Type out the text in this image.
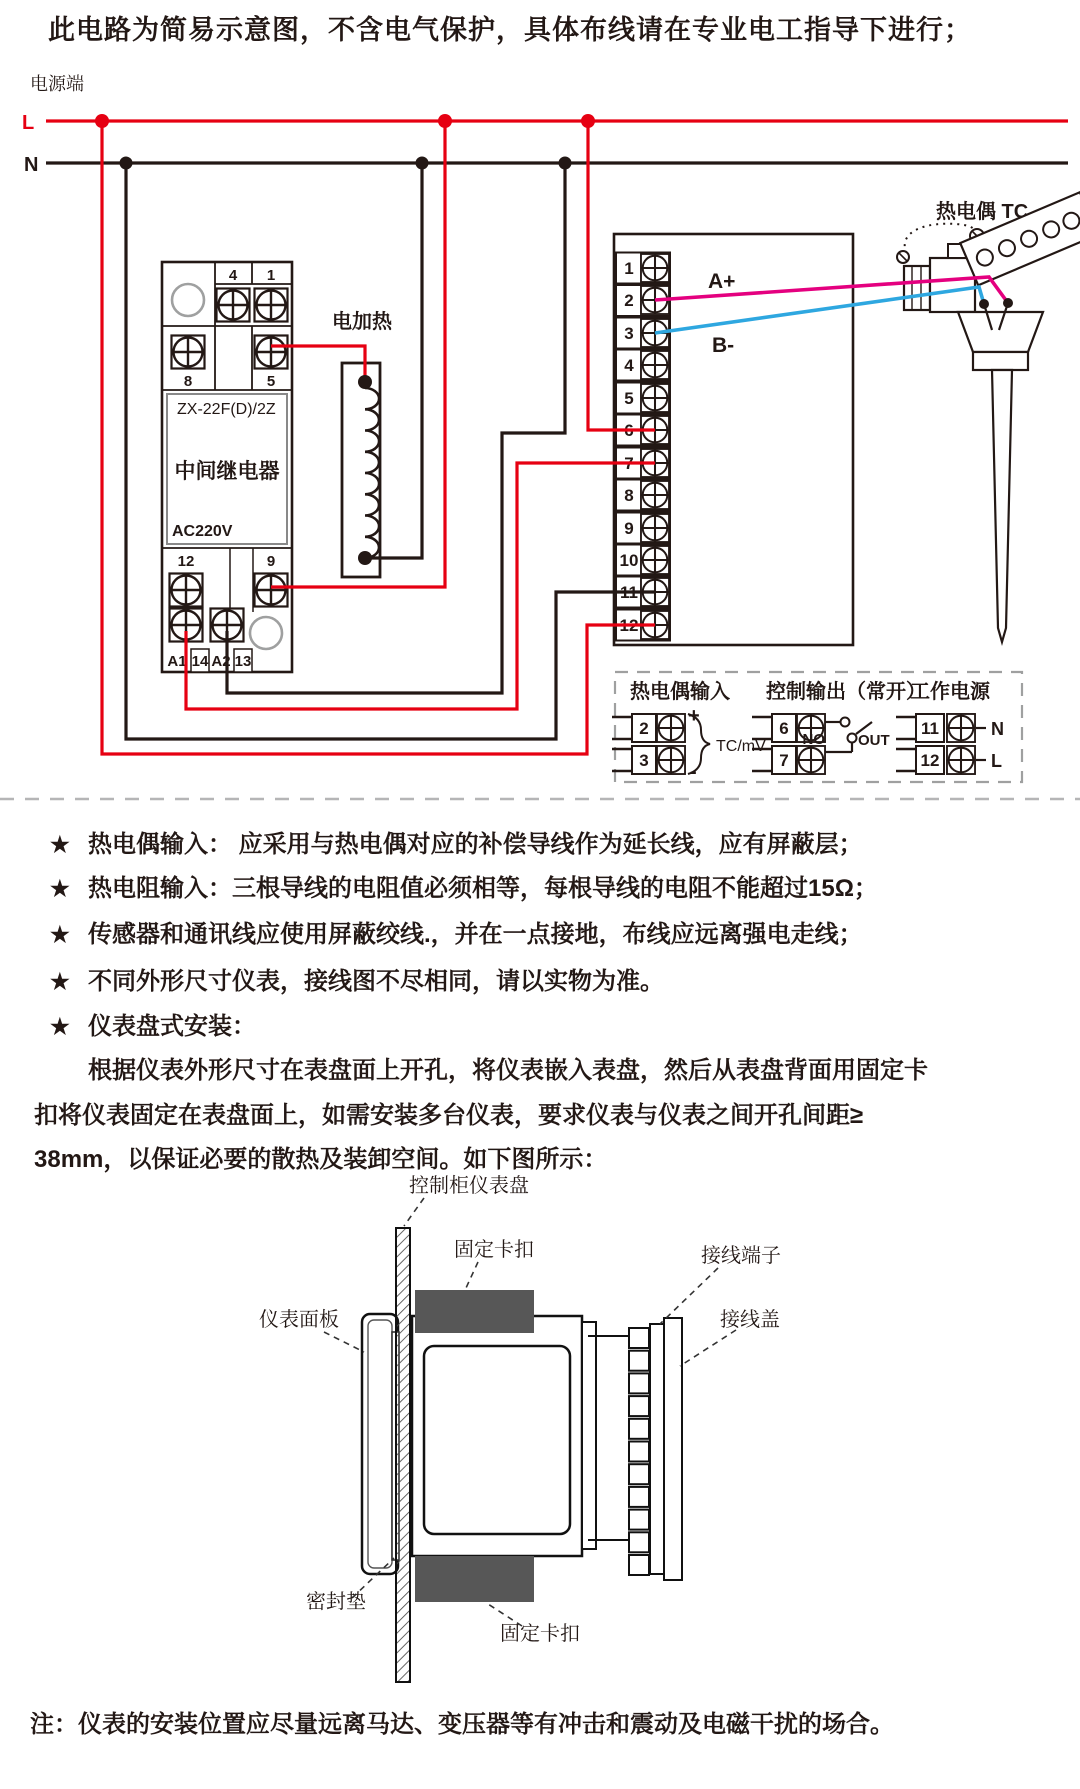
此电路为简易示意图，不含电气保护，具体布线请在专业电工指导下进行；
电源端
L
N
4 1
8	5
ZX-22F(D)/2Z
中间继电器
AC220V
12	9
A1 14 A2 13
电加热
1
2
3
4
5
6
7
8
9
10
11
12
A+
B-
热电偶 TC
热电偶输入
2
3
+
-
TC/mV
控制输出（常开）
6
7
NO OUT
工作电源
11
12
N
L
★ 热电偶输入： 应采用与热电偶对应的补偿导线作为延长线，应有屏蔽层；
★ 热电阻输入：三根导线的电阻值必须相等，每根导线的电阻不能超过15Ω；
★ 传感器和通讯线应使用屏蔽绞线.，并在一点接地，布线应远离强电走线；
★ 不同外形尺寸仪表，接线图不尽相同，请以实物为准。
★ 仪表盘式安装：
根据仪表外形尺寸在表盘面上开孔，将仪表嵌入表盘，然后从表盘背面用固定卡
扣将仪表固定在表盘面上，如需安装多台仪表，要求仪表与仪表之间开孔间距≥
38mm，以保证必要的散热及装卸空间。如下图所示：
控制柜仪表盘
固定卡扣	接线端子
接线盖
仪表面板
密封垫
固定卡扣
注：仪表的安装位置应尽量远离马达、变压器等有冲击和震动及电磁干扰的场合。
